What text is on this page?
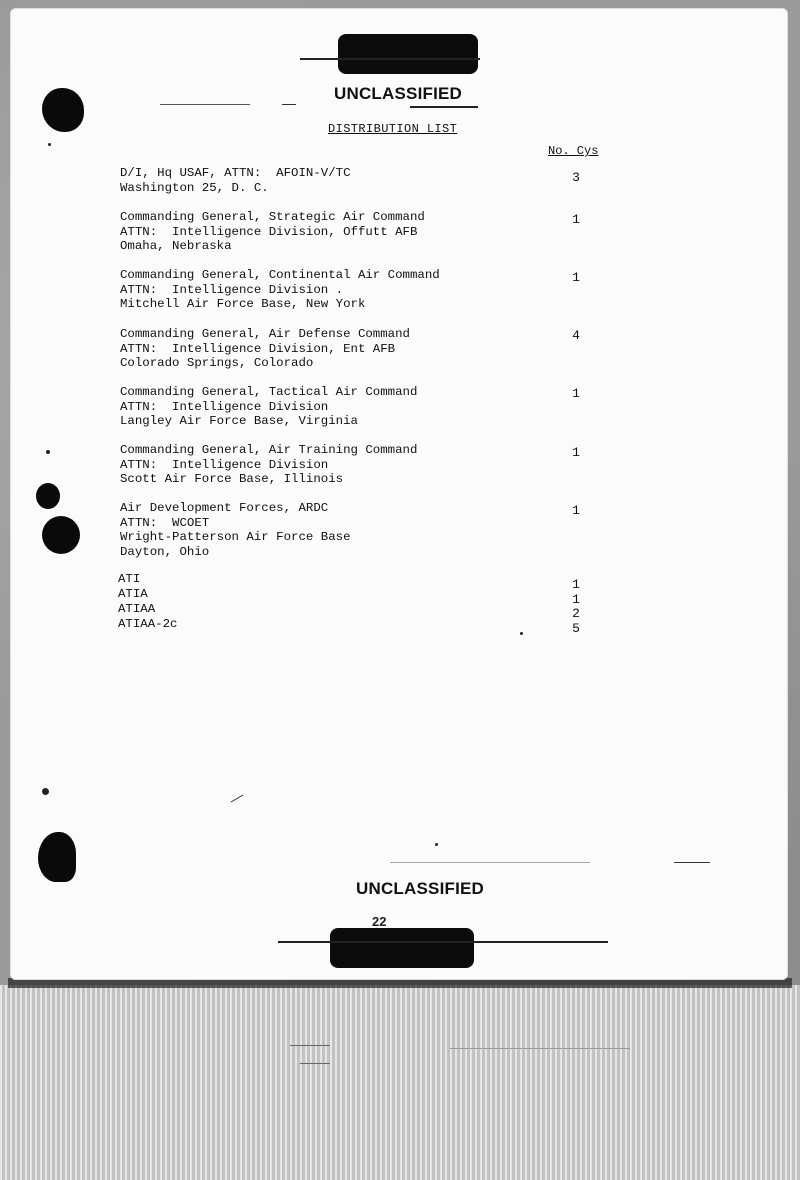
UNCLASSIFIED
DISTRIBUTION LIST
No. Cys
D/I, Hq USAF, ATTN:  AFOIN-V/TC
Washington 25, D. C.
3
Commanding General, Strategic Air Command
ATTN:  Intelligence Division, Offutt AFB
Omaha, Nebraska
1
Commanding General, Continental Air Command
ATTN:  Intelligence Division .
Mitchell Air Force Base, New York
1
Commanding General, Air Defense Command
ATTN:  Intelligence Division, Ent AFB
Colorado Springs, Colorado
4
Commanding General, Tactical Air Command
ATTN:  Intelligence Division
Langley Air Force Base, Virginia
1
Commanding General, Air Training Command
ATTN:  Intelligence Division
Scott Air Force Base, Illinois
1
Air Development Forces, ARDC
ATTN:  WCOET
Wright-Patterson Air Force Base
Dayton, Ohio
1
ATI
ATIA
ATIAA
ATIAA-2c
1
1
2
5
UNCLASSIFIED
22
